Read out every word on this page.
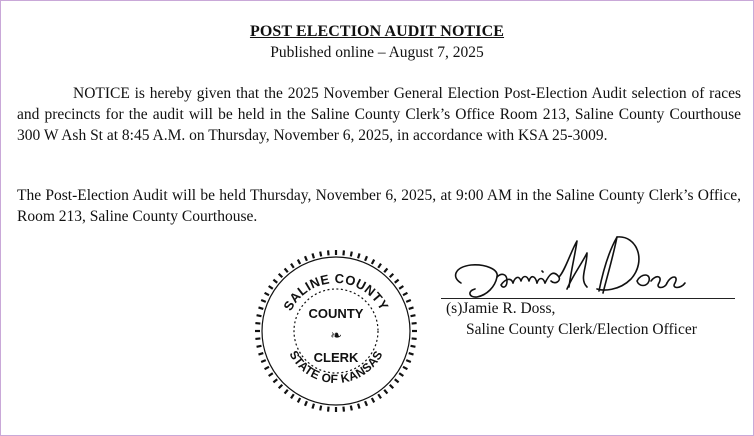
POST ELECTION AUDIT NOTICE
Published online – August 7, 2025

NOTICE is hereby given that the 2025 November General Election Post-Election Audit selection of races and precincts for the audit will be held in the Saline County Clerk’s Office Room 213, Saline County Courthouse 300 W Ash St at 8:45 A.M. on Thursday, November 6, 2025, in accordance with KSA 25-3009.

The Post-Election Audit will be held Thursday, November 6, 2025, at 9:00 AM in the Saline County Clerk’s Office, Room 213, Saline County Courthouse.

SALINE COUNTY
STATE OF KANSAS
COUNTY
❧
CLERK
(s)Jamie R. Doss,
Saline County Clerk/Election Officer
